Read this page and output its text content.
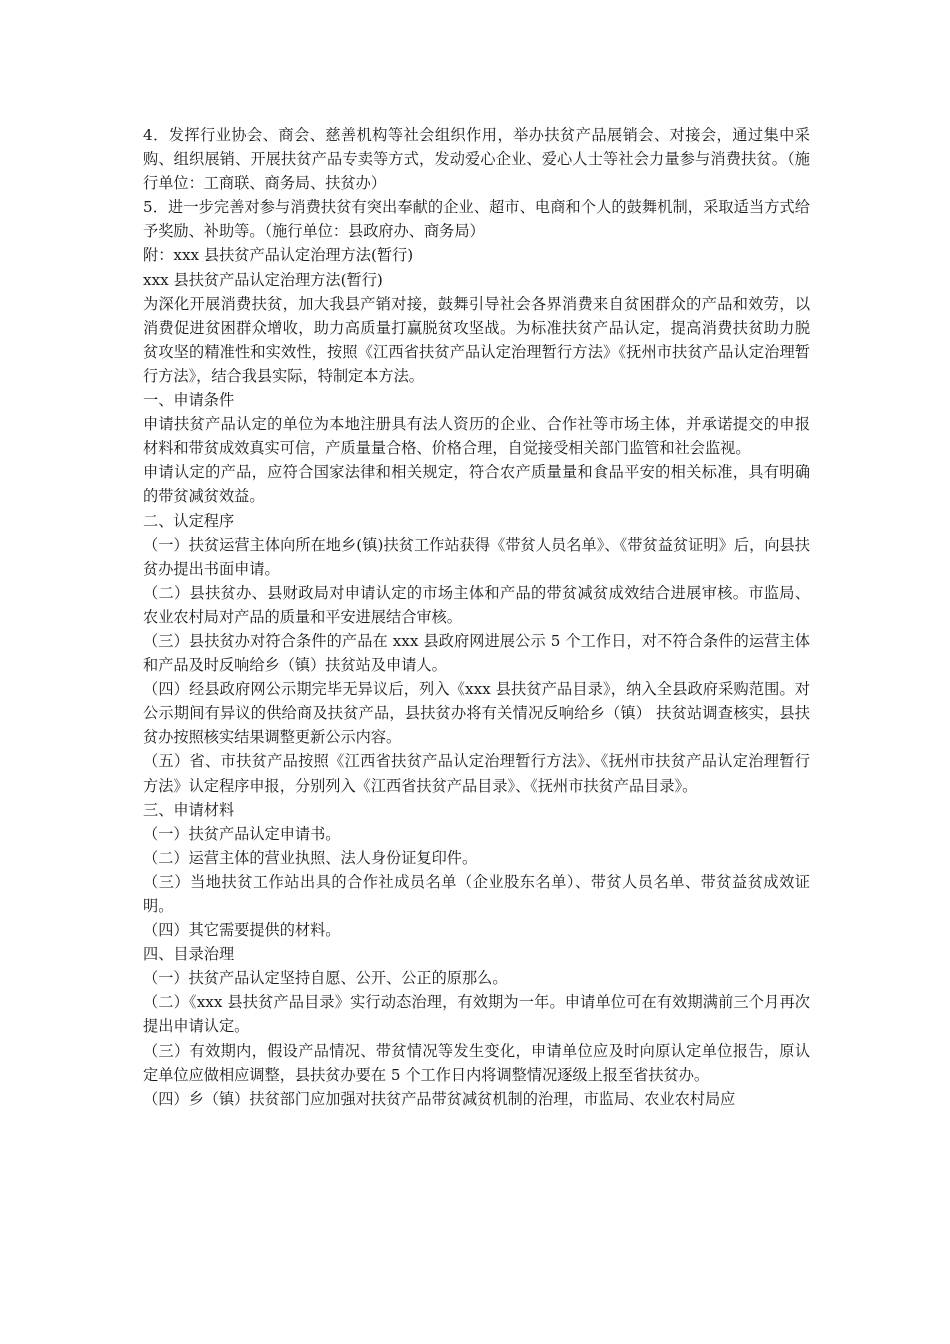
4．发挥行业协会、商会、慈善机构等社会组织作用，举办扶贫产品展销会、对接会，通过集中采购、组织展销、开展扶贫产品专卖等方式，发动爱心企业、爱心人士等社会力量参与消费扶贫。（施行单位：工商联、商务局、扶贫办）

5．进一步完善对参与消费扶贫有突出奉献的企业、超市、电商和个人的鼓舞机制，采取适当方式给予奖励、补助等。（施行单位：县政府办、商务局）

附：xxx 县扶贫产品认定治理方法(暂行)

xxx 县扶贫产品认定治理方法(暂行)

为深化开展消费扶贫，加大我县产销对接，鼓舞引导社会各界消费来自贫困群众的产品和效劳，以消费促进贫困群众增收，助力高质量打赢脱贫攻坚战。为标准扶贫产品认定，提高消费扶贫助力脱贫攻坚的精准性和实效性，按照《江西省扶贫产品认定治理暂行方法》《抚州市扶贫产品认定治理暂行方法》，结合我县实际，特制定本方法。

一、申请条件

申请扶贫产品认定的单位为本地注册具有法人资历的企业、合作社等市场主体，并承诺提交的申报材料和带贫成效真实可信，产质量量合格、价格合理，自觉接受相关部门监管和社会监视。

申请认定的产品，应符合国家法律和相关规定，符合农产质量量和食品平安的相关标准，具有明确的带贫减贫效益。

二、认定程序

（一）扶贫运营主体向所在地乡(镇)扶贫工作站获得《带贫人员名单》、《带贫益贫证明》后，向县扶贫办提出书面申请。

（二）县扶贫办、县财政局对申请认定的市场主体和产品的带贫减贫成效结合进展审核。市监局、农业农村局对产品的质量和平安进展结合审核。

（三）县扶贫办对符合条件的产品在 xxx 县政府网进展公示 5 个工作日，对不符合条件的运营主体和产品及时反响给乡（镇）扶贫站及申请人。

（四）经县政府网公示期完毕无异议后，列入《xxx 县扶贫产品目录》，纳入全县政府采购范围。对公示期间有异议的供给商及扶贫产品，县扶贫办将有关情况反响给乡（镇） 扶贫站调查核实，县扶贫办按照核实结果调整更新公示内容。

（五）省、市扶贫产品按照《江西省扶贫产品认定治理暂行方法》、《抚州市扶贫产品认定治理暂行方法》认定程序申报，分别列入《江西省扶贫产品目录》、《抚州市扶贫产品目录》。

三、申请材料

（一）扶贫产品认定申请书。

（二）运营主体的营业执照、法人身份证复印件。

（三）当地扶贫工作站出具的合作社成员名单（企业股东名单）、带贫人员名单、带贫益贫成效证明。

（四）其它需要提供的材料。

四、目录治理

（一）扶贫产品认定坚持自愿、公开、公正的原那么。

（二）《xxx 县扶贫产品目录》实行动态治理，有效期为一年。申请单位可在有效期满前三个月再次提出申请认定。

（三）有效期内，假设产品情况、带贫情况等发生变化，申请单位应及时向原认定单位报告，原认定单位应做相应调整，县扶贫办要在 5 个工作日内将调整情况逐级上报至省扶贫办。

（四）乡（镇）扶贫部门应加强对扶贫产品带贫减贫机制的治理，市监局、农业农村局应
